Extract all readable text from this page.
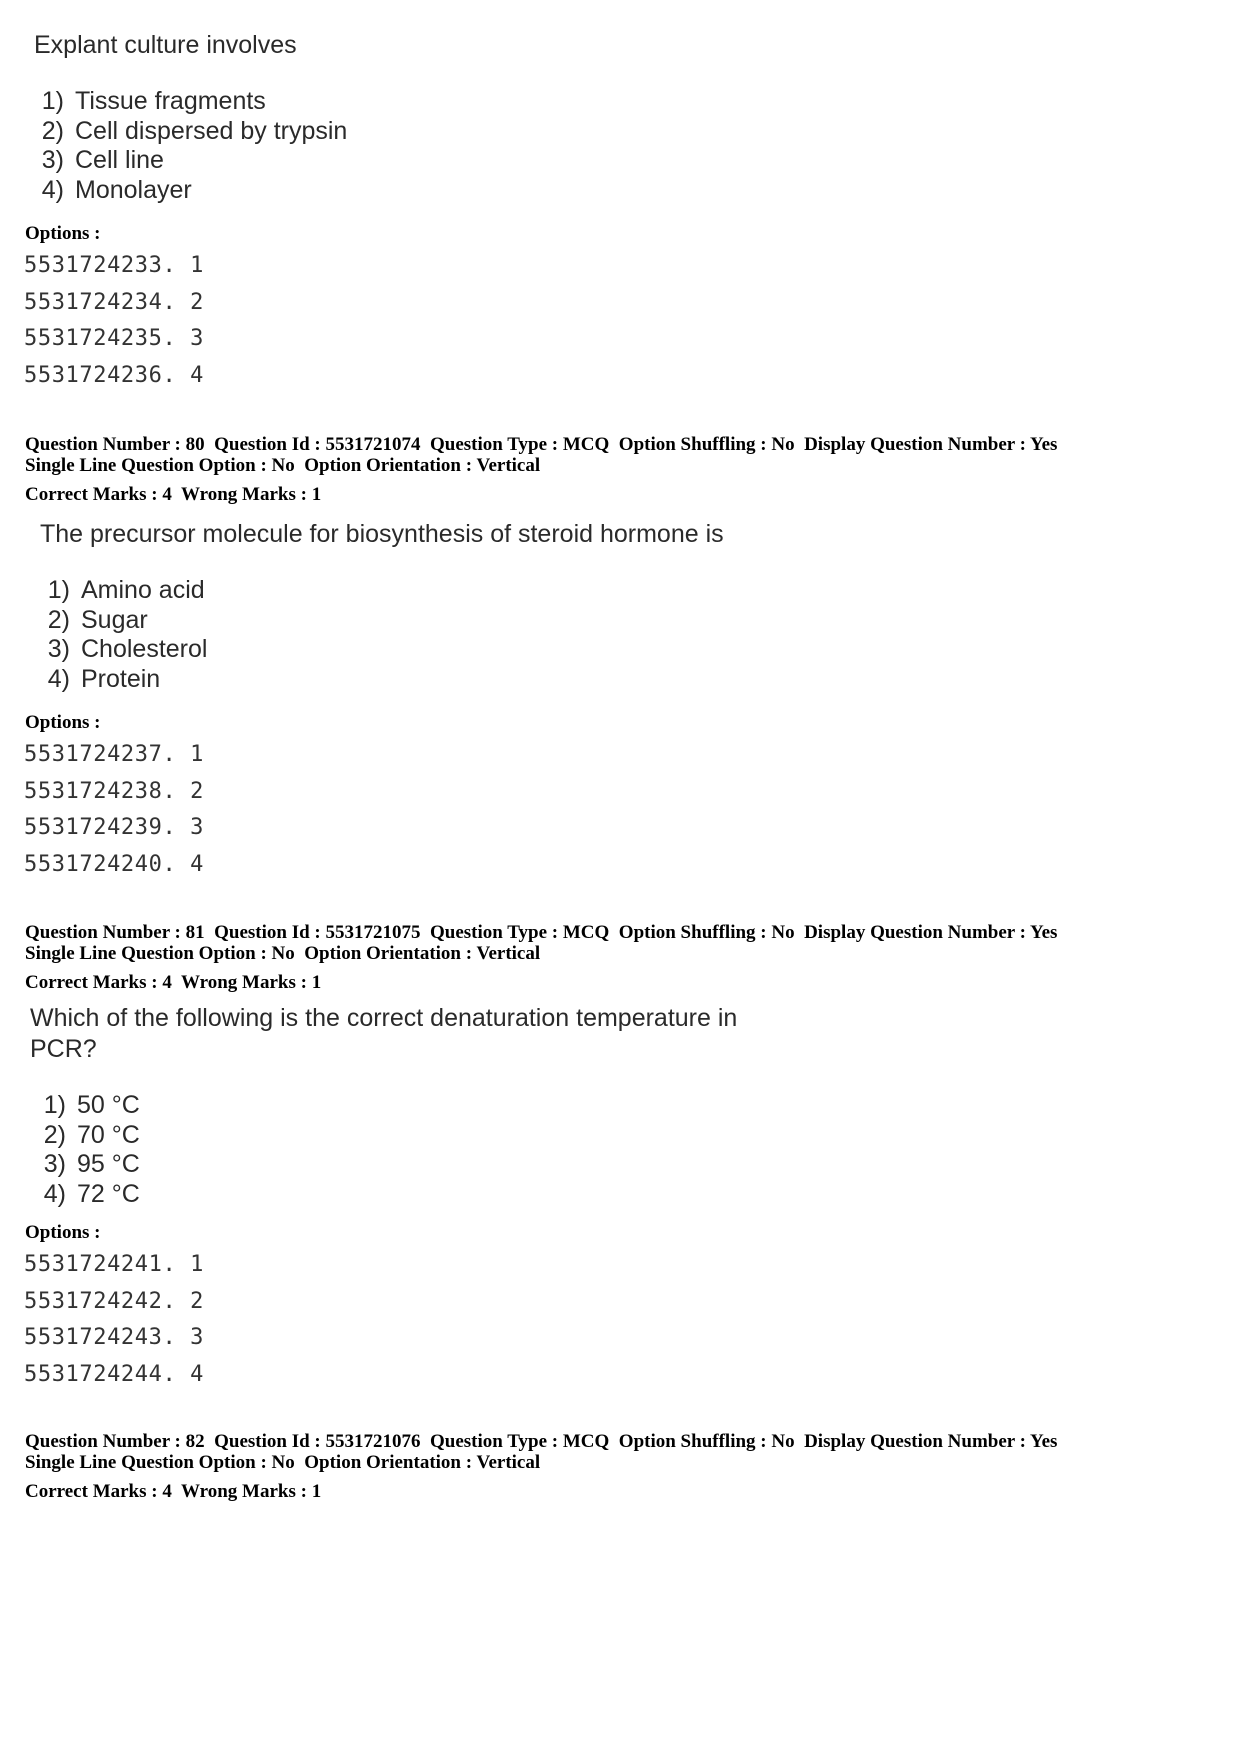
Explant culture involves

1) Tissue fragments
2) Cell dispersed by trypsin
3) Cell line
4) Monolayer
Options :
5531724233. 1
5531724234. 2
5531724235. 3
5531724236. 4
Question Number : 80  Question Id : 5531721074  Question Type : MCQ  Option Shuffling : No  Display Question Number : Yes
Single Line Question Option : No  Option Orientation : Vertical
Correct Marks : 4  Wrong Marks : 1

The precursor molecule for biosynthesis of steroid hormone is

1) Amino acid
2) Sugar
3) Cholesterol
4) Protein
Options :
5531724237. 1
5531724238. 2
5531724239. 3
5531724240. 4
Question Number : 81  Question Id : 5531721075  Question Type : MCQ  Option Shuffling : No  Display Question Number : Yes
Single Line Question Option : No  Option Orientation : Vertical
Correct Marks : 4  Wrong Marks : 1

Which of the following is the correct denaturation temperature in
PCR?

1) 50 °C
2) 70 °C
3) 95 °C
4) 72 °C
Options :
5531724241. 1
5531724242. 2
5531724243. 3
5531724244. 4
Question Number : 82  Question Id : 5531721076  Question Type : MCQ  Option Shuffling : No  Display Question Number : Yes
Single Line Question Option : No  Option Orientation : Vertical
Correct Marks : 4  Wrong Marks : 1
